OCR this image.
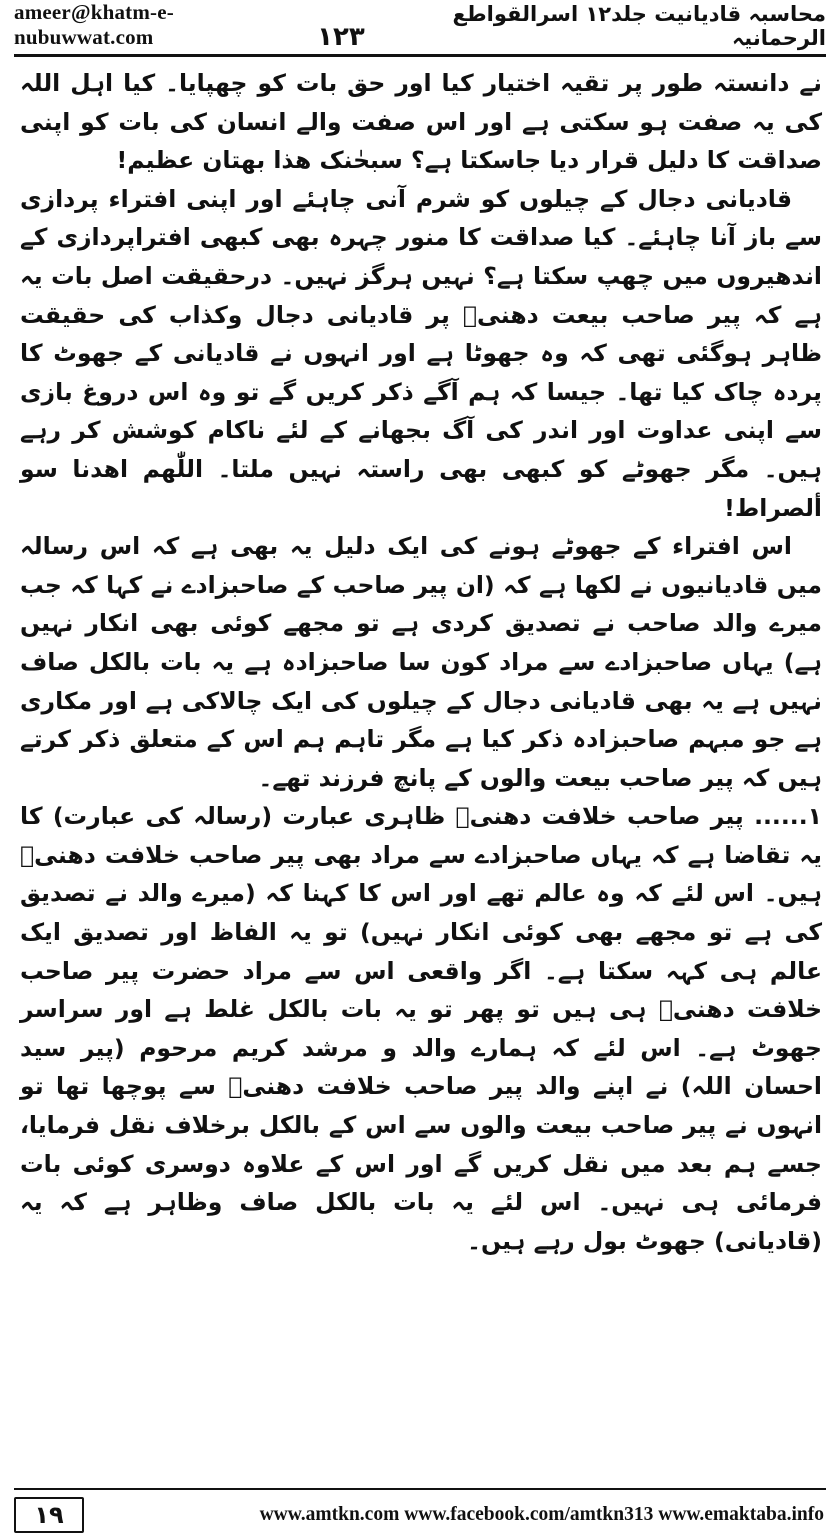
ameer@khatm-e-nubuwwat.com	۱۲۳
محاسبہ قادیانیت جلد۱۲ اسرالقواطع الرحمانیہ

نے دانستہ طور پر تقیہ اختیار کیا اور حق بات کو چھپایا۔ کیا اہل اللہ کی یہ صفت ہو سکتی ہے اور اس صفت والے انسان کی بات کو اپنی صداقت کا دلیل قرار دیا جاسکتا ہے؟ سبحٰنک ھذا بھتان عظیم!

قادیانی دجال کے چیلوں کو شرم آنی چاہئے اور اپنی افتراء پردازی سے باز آنا چاہئے۔ کیا صداقت کا منور چہرہ بھی کبھی افتراپردازی کے اندھیروں میں چھپ سکتا ہے؟ نہیں ہرگز نہیں۔ درحقیقت اصل بات یہ ہے کہ پیر صاحب بیعت دھنیؒ پر قادیانی دجال وکذاب کی حقیقت ظاہر ہوگئی تھی کہ وہ جھوٹا ہے اور انہوں نے قادیانی کے جھوٹ کا پردہ چاک کیا تھا۔ جیسا کہ ہم آگے ذکر کریں گے تو وہ اس دروغ بازی سے اپنی عداوت اور اندر کی آگ بجھانے کے لئے ناکام کوشش کر رہے ہیں۔ مگر جھوٹے کو کبھی بھی راستہ نہیں ملتا۔ اللّٰھم اھدنا سو ألصراط!

اس افتراء کے جھوٹے ہونے کی ایک دلیل یہ بھی ہے کہ اس رسالہ میں قادیانیوں نے لکھا ہے کہ (ان پیر صاحب کے صاحبزادے نے کہا کہ جب میرے والد صاحب نے تصدیق کردی ہے تو مجھے کوئی بھی انکار نہیں ہے) یہاں صاحبزادے سے مراد کون سا صاحبزادہ ہے یہ بات بالکل صاف نہیں ہے یہ بھی قادیانی دجال کے چیلوں کی ایک چالاکی ہے اور مکاری ہے جو مبہم صاحبزادہ ذکر کیا ہے مگر تاہم ہم اس کے متعلق ذکر کرتے ہیں کہ پیر صاحب بیعت والوں کے پانچ فرزند تھے۔

۱...... پیر صاحب خلافت دھنیؒ ظاہری عبارت (رسالہ کی عبارت) کا یہ تقاضا ہے کہ یہاں صاحبزادے سے مراد بھی پیر صاحب خلافت دھنیؒ ہیں۔ اس لئے کہ وہ عالم تھے اور اس کا کہنا کہ (میرے والد نے تصدیق کی ہے تو مجھے بھی کوئی انکار نہیں) تو یہ الفاظ اور تصدیق ایک عالم ہی کہہ سکتا ہے۔ اگر واقعی اس سے مراد حضرت پیر صاحب خلافت دھنیؒ ہی ہیں تو پھر تو یہ بات بالکل غلط ہے اور سراسر جھوٹ ہے۔ اس لئے کہ ہمارے والد و مرشد کریم مرحوم (پیر سید احسان اللہ) نے اپنے والد پیر صاحب خلافت دھنیؒ سے پوچھا تھا تو انہوں نے پیر صاحب بیعت والوں سے اس کے بالکل برخلاف نقل فرمایا، جسے ہم بعد میں نقل کریں گے اور اس کے علاوہ دوسری کوئی بات فرمائی ہی نہیں۔ اس لئے یہ بات بالکل صاف وظاہر ہے کہ یہ (قادیانی) جھوٹ بول رہے ہیں۔

۱۹	www.amtkn.com www.facebook.com/amtkn313 www.emaktaba.info
